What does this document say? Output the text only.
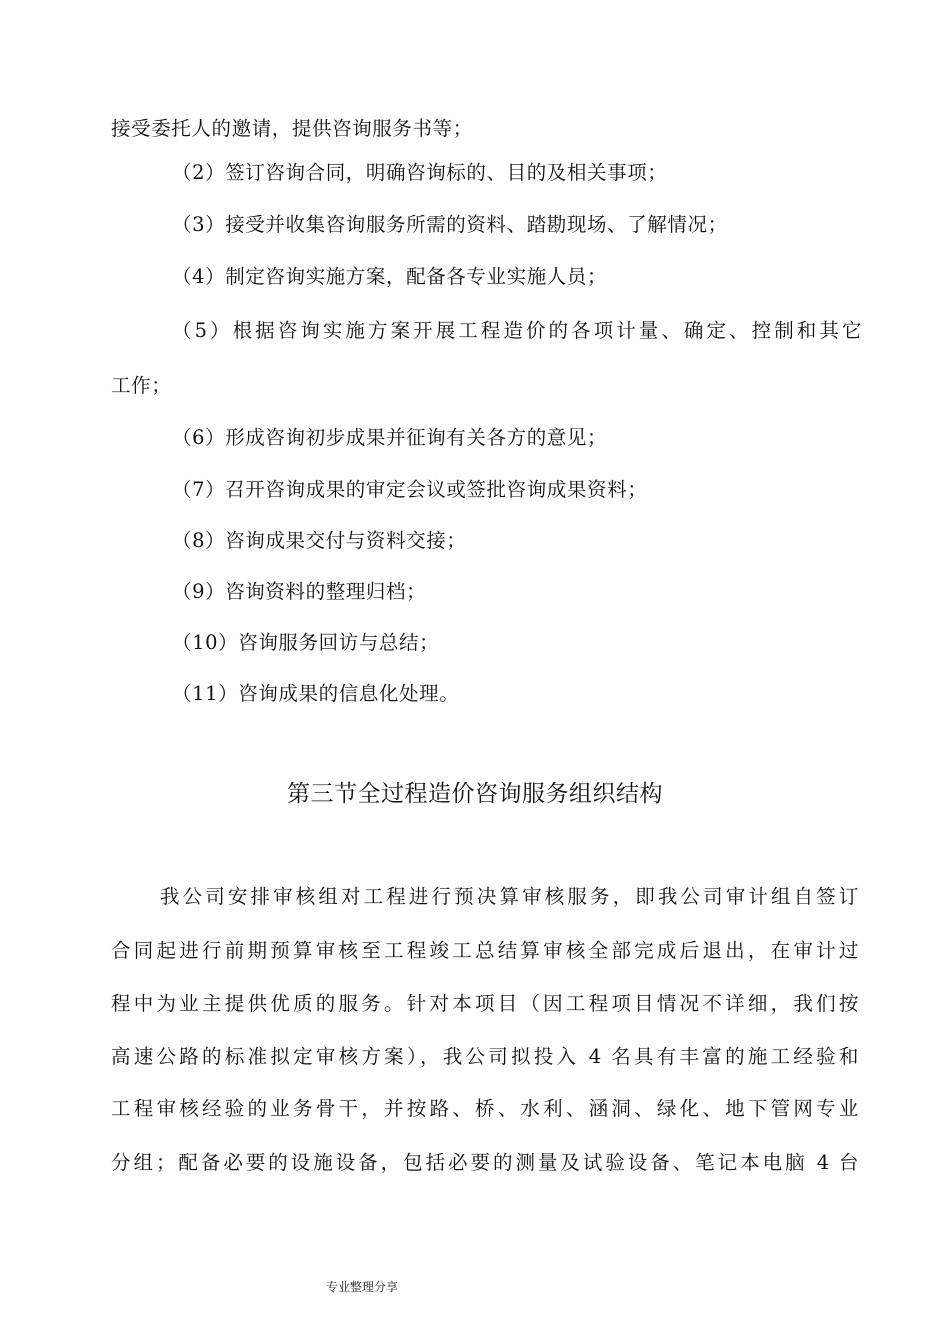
接受委托人的邀请，提供咨询服务书等；
（2）签订咨询合同，明确咨询标的、目的及相关事项；
（3）接受并收集咨询服务所需的资料、踏勘现场、了解情况；
（4）制定咨询实施方案，配备各专业实施人员；
（5）根据咨询实施方案开展工程造价的各项计量、确定、控制和其它
工作；
（6）形成咨询初步成果并征询有关各方的意见；
（7）召开咨询成果的审定会议或签批咨询成果资料；
（8）咨询成果交付与资料交接；
（9）咨询资料的整理归档；
（10）咨询服务回访与总结；
（11）咨询成果的信息化处理。
第三节全过程造价咨询服务组织结构
我公司安排审核组对工程进行预决算审核服务，即我公司审计组自签订
合同起进行前期预算审核至工程竣工总结算审核全部完成后退出，在审计过
程中为业主提供优质的服务。针对本项目（因工程项目情况不详细，我们按
高速公路的标准拟定审核方案），我公司拟投入 4 名具有丰富的施工经验和
工程审核经验的业务骨干，并按路、桥、水利、涵洞、绿化、地下管网专业
分组；配备必要的设施设备，包括必要的测量及试验设备、笔记本电脑 4 台
专业整理分享
